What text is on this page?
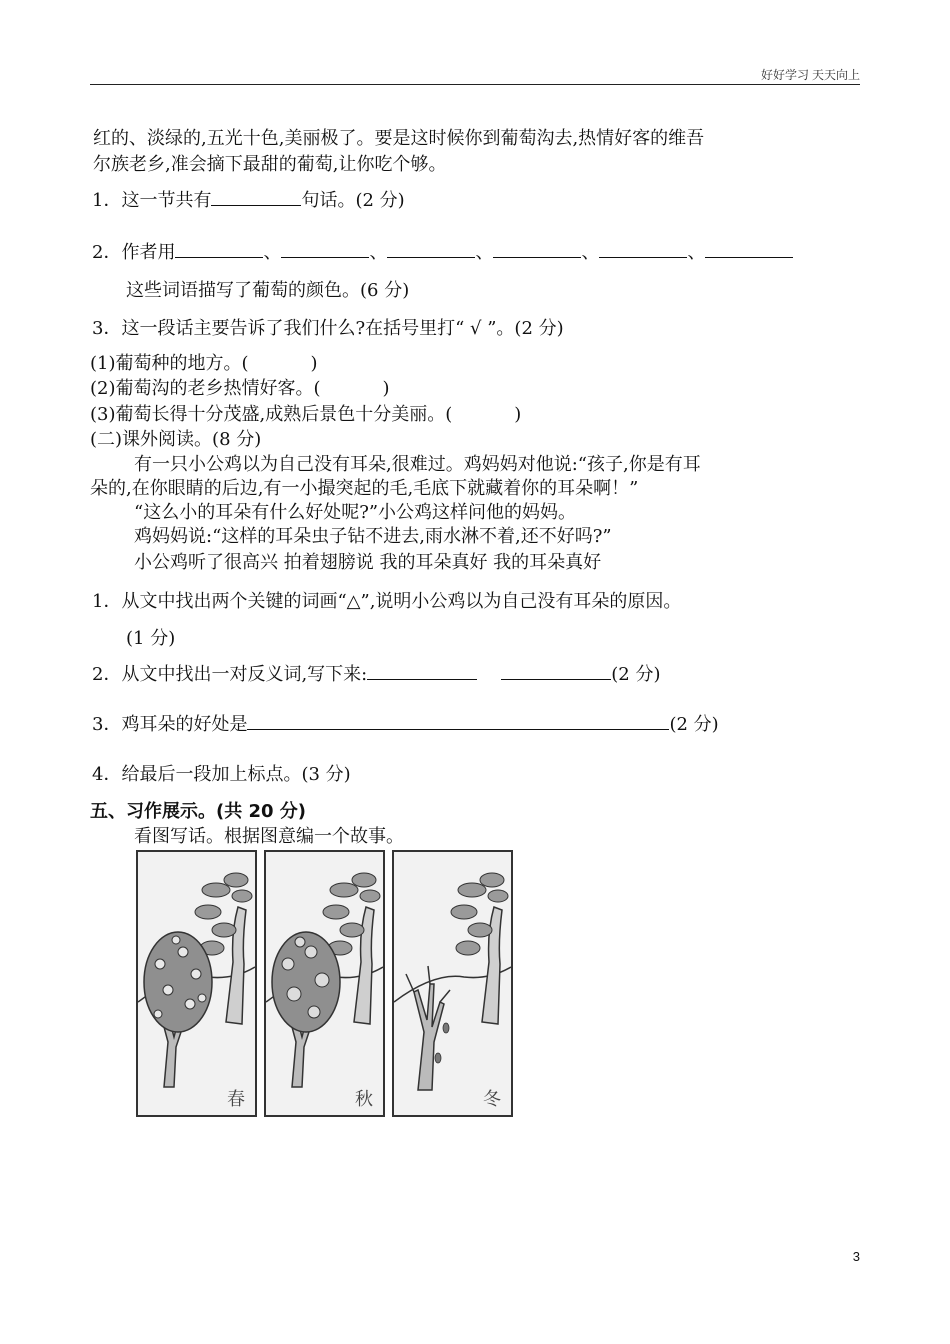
好好学习 天天向上
红的、淡绿的,五光十色,美丽极了。要是这时候你到葡萄沟去,热情好客的维吾
尔族老乡,准会摘下最甜的葡萄,让你吃个够。
1．这一节共有	句话。(2 分)
2．作者用	、	、	、	、	、
这些词语描写了葡萄的颜色。(6 分)
3．这一段话主要告诉了我们什么?在括号里打“ √ ”。(2 分)
(1)葡萄种的地方。(	)
(2)葡萄沟的老乡热情好客。(	)
(3)葡萄长得十分茂盛,成熟后景色十分美丽。(	)
(二)课外阅读。(8 分)
有一只小公鸡以为自己没有耳朵,很难过。鸡妈妈对他说:“孩子,你是有耳
朵的,在你眼睛的后边,有一小撮突起的毛,毛底下就藏着你的耳朵啊！”
“这么小的耳朵有什么好处呢?”小公鸡这样问他的妈妈。
鸡妈妈说:“这样的耳朵虫子钻不进去,雨水淋不着,还不好吗?”
小公鸡听了很高兴 拍着翅膀说 我的耳朵真好 我的耳朵真好
1．从文中找出两个关键的词画“△”,说明小公鸡以为自己没有耳朵的原因。
(1 分)
2．从文中找出一对反义词,写下来:	(2 分)
3．鸡耳朵的好处是	(2 分)
4．给最后一段加上标点。(3 分)
五、习作展示。(共 20 分)
看图写话。根据图意编一个故事。
春	秋	冬
3
